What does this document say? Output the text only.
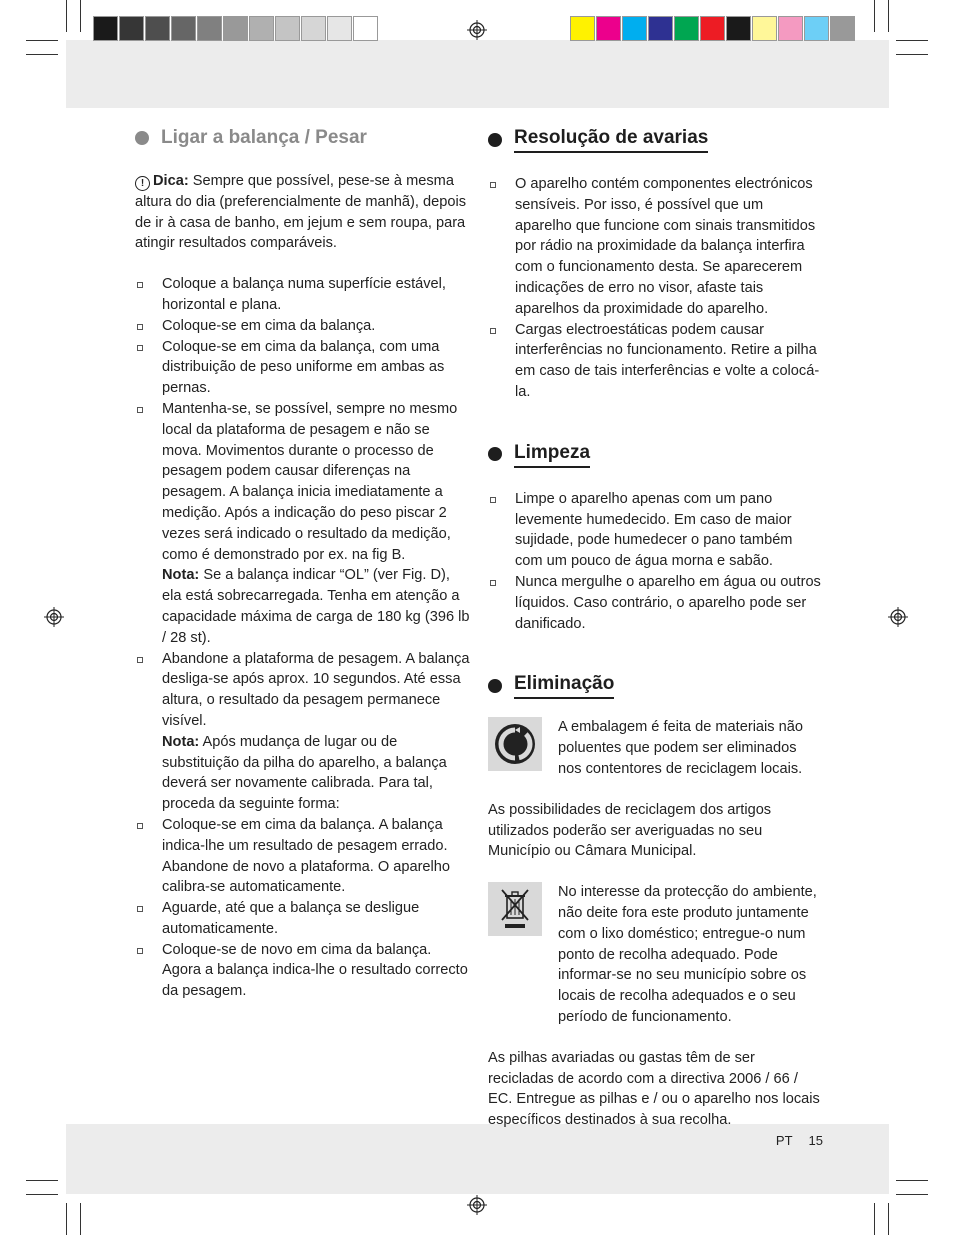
Ligar a balança / Pesar

! Dica: Sempre que possível, pese-se à mesma altura do dia (preferencialmente de manhã), depois de ir à casa de banho, em jejum e sem roupa, para atingir resultados comparáveis.

Coloque a balança numa superfície estável, horizontal e plana.
Coloque-se em cima da balança.
Coloque-se em cima da balança, com uma distribuição de peso uniforme em ambas as pernas.
Mantenha-se, se possível, sempre no mesmo local da plataforma de pesagem e não se mova. Movimentos durante o processo de pesagem podem causar diferenças na pesagem. A balança inicia imediatamente a medição. Após a indicação do peso piscar 2 vezes será indicado o resultado da medição, como é demonstrado por ex. na fig B.
Nota: Se a balança indicar “OL” (ver Fig. D), ela está sobrecarregada. Tenha em atenção a capacidade máxima de carga de 180 kg (396 lb / 28 st).
Abandone a plataforma de pesagem. A balança desliga-se após aprox. 10 segundos. Até essa altura, o resultado da pesagem permanece visível.
Nota: Após mudança de lugar ou de substituição da pilha do aparelho, a balança deverá ser novamente calibrada. Para tal, proceda da seguinte forma:
Coloque-se em cima da balança. A balança indica-lhe um resultado de pesagem errado. Abandone de novo a plataforma. O aparelho calibra-se automaticamente.
Aguarde, até que a balança se desligue automaticamente.
Coloque-se de novo em cima da balança. Agora a balança indica-lhe o resultado correcto da pesagem.
Resolução de avarias
O aparelho contém componentes electrónicos sensíveis. Por isso, é possível que um aparelho que funcione com sinais transmitidos por rádio na proximidade da balança interfira com o funcionamento desta. Se aparecerem indicações de erro no visor, afaste tais aparelhos da proximidade do aparelho.
Cargas electroestáticas podem causar interferências no funcionamento. Retire a pilha em caso de tais interferências e volte a colocá-la.
Limpeza
Limpe o aparelho apenas com um pano levemente humedecido. Em caso de maior sujidade, pode humedecer o pano também com um pouco de água morna e sabão.
Nunca mergulhe o aparelho em água ou outros líquidos. Caso contrário, o aparelho pode ser danificado.
Eliminação

A embalagem é feita de materiais não poluentes que podem ser eliminados nos contentores de reciclagem locais.

As possibilidades de reciclagem dos artigos utilizados poderão ser averiguadas no seu Município ou Câmara Municipal.

No interesse da protecção do ambiente, não deite fora este produto juntamente com o lixo doméstico; entregue-o num ponto de recolha adequado. Pode informar-se no seu município sobre os locais de recolha adequados e o seu período de funcionamento.

As pilhas avariadas ou gastas têm de ser recicladas de acordo com a directiva 2006 / 66 / EC. Entregue as pilhas e / ou o aparelho nos locais específicos destinados à sua recolha.

PT 15
